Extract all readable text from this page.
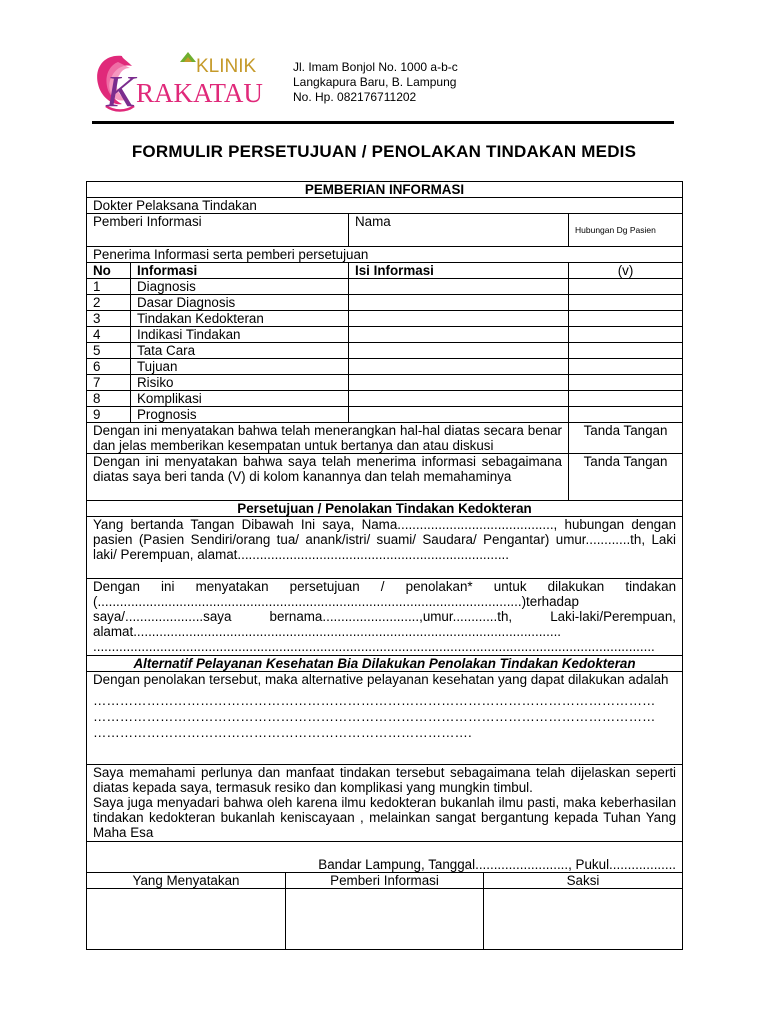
KLINIK
K RAKATAU
Jl. Imam Bonjol No. 1000 a-b-c
Langkapura Baru, B. Lampung
No. Hp. 082176711202
FORMULIR PERSETUJUAN / PENOLAKAN TINDAKAN MEDIS
PEMBERIAN INFORMASI			
Dokter Pelaksana Tindakan			
Pemberi Informasi		Nama	Hubungan Dg Pasien
Penerima Informasi serta pemberi persetujuan			
No	Informasi	Isi Informasi	(v)
1	Diagnosis		
2	Dasar Diagnosis		
3	Tindakan Kedokteran		
4	Indikasi Tindakan		
5	Tata Cara		
6	Tujuan		
7	Risiko		
8	Komplikasi		
9	Prognosis		
Dengan ini menyatakan bahwa telah menerangkan hal-hal diatas secara benar dan jelas memberikan kesempatan untuk bertanya dan atau diskusi			Tanda Tangan
Dengan ini menyatakan bahwa saya telah menerima informasi sebagaimana diatas saya beri tanda (V) di kolom kanannya dan telah memahaminya			Tanda Tangan
Persetujuan / Penolakan Tindakan Kedokteran			
Yang bertanda Tangan Dibawah Ini saya, Nama.........................................., hubungan dengan pasien (Pasien Sendiri/orang tua/ anank/istri/ suami/ Saudara/ Pengantar) umur............th, Laki laki/ Perempuan, alamat.........................................................................			

Dengan ini menyatakan persetujuan / penolakan* untuk dilakukan tindakan (..................................................................................................................)terhadap saya/.....................saya bernama..........................,umur............th, Laki-laki/Perempuan, alamat...................................................................................................................
.......................................................................................................................................................			

Alternatif Pelayanan Kesehatan Bia Dilakukan Penolakan Tindakan Kedokteran			

Dengan penolakan tersebut, maka alternative pelayanan kesehatan yang dapat dilakukan adalah
………………………………………………………………………………………………………………
………………………………………………………………………………………………………………
………………………………………………………………………….			

Saya memahami perlunya dan manfaat tindakan tersebut sebagaimana telah dijelaskan seperti diatas kepada saya, termasuk resiko dan komplikasi yang mungkin timbul.
Saya juga menyadari bahwa oleh karena ilmu kedokteran bukanlah ilmu pasti, maka keberhasilan tindakan kedokteran bukanlah keniscayaan , melainkan sangat bergantung kepada Tuhan Yang Maha Esa			

Bandar Lampung, Tanggal........................., Pukul..................			
Yang Menyatakan	Pemberi Informasi	Saksi
